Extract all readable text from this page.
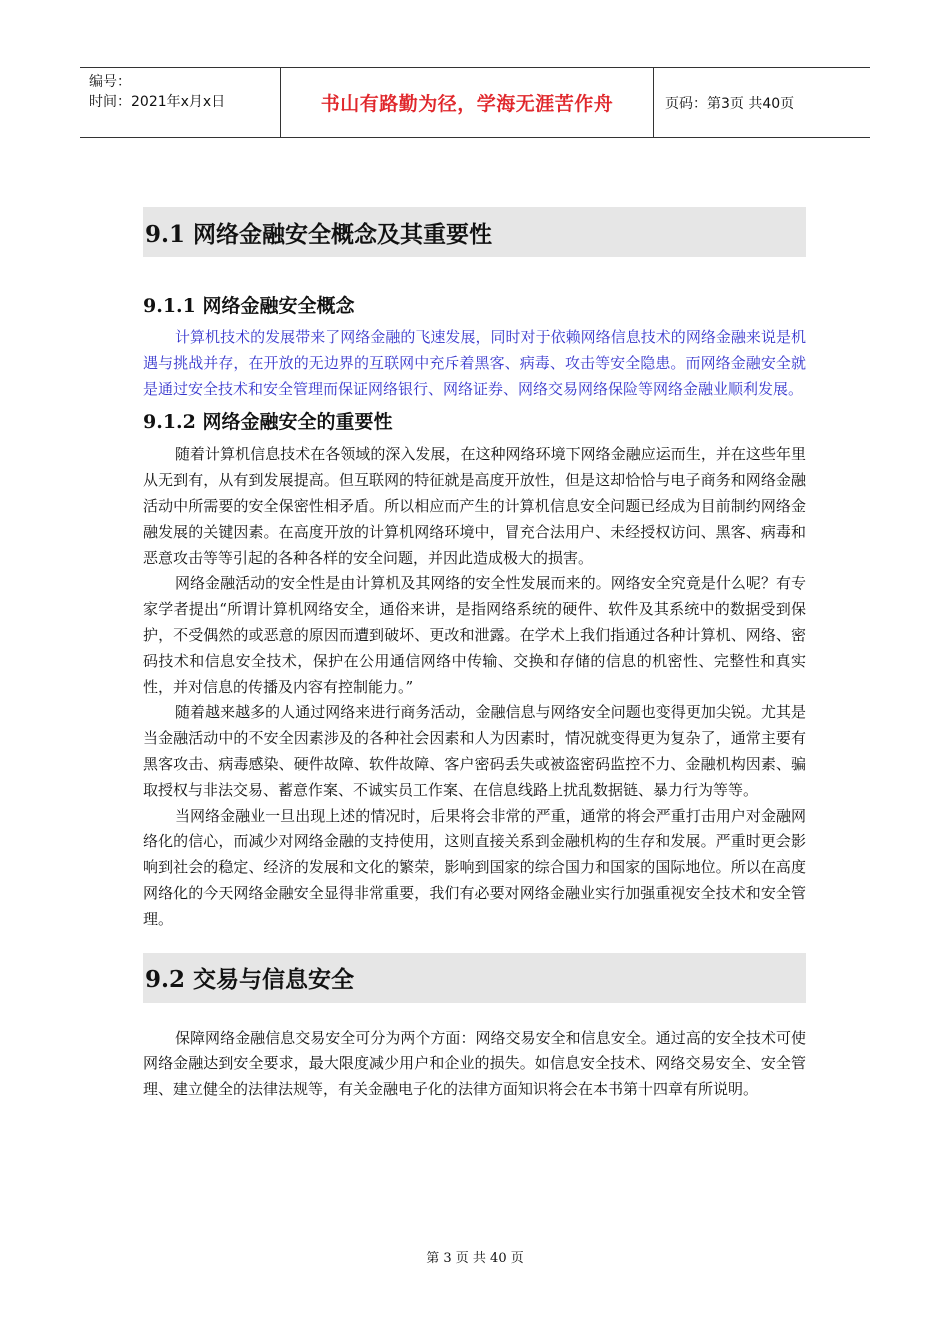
编号：
时间：2021年x月x日	书山有路勤为径，学海无涯苦作舟	页码：第3页 共40页
9.1 网络金融安全概念及其重要性
9.1.1 网络金融安全概念

计算机技术的发展带来了网络金融的飞速发展，同时对于依赖网络信息技术的网络金融来说是机遇与挑战并存，在开放的无边界的互联网中充斥着黑客、病毒、攻击等安全隐患。而网络金融安全就是通过安全技术和安全管理而保证网络银行、网络证券、网络交易网络保险等网络金融业顺利发展。

9.1.2 网络金融安全的重要性

随着计算机信息技术在各领域的深入发展，在这种网络环境下网络金融应运而生，并在这些年里从无到有，从有到发展提高。但互联网的特征就是高度开放性，但是这却恰恰与电子商务和网络金融活动中所需要的安全保密性相矛盾。所以相应而产生的计算机信息安全问题已经成为目前制约网络金融发展的关键因素。在高度开放的计算机网络环境中，冒充合法用户、未经授权访问、黑客、病毒和恶意攻击等等引起的各种各样的安全问题，并因此造成极大的损害。

网络金融活动的安全性是由计算机及其网络的安全性发展而来的。网络安全究竟是什么呢？有专家学者提出“所谓计算机网络安全，通俗来讲，是指网络系统的硬件、软件及其系统中的数据受到保护，不受偶然的或恶意的原因而遭到破坏、更改和泄露。在学术上我们指通过各种计算机、网络、密码技术和信息安全技术，保护在公用通信网络中传输、交换和存储的信息的机密性、完整性和真实性，并对信息的传播及内容有控制能力。”

随着越来越多的人通过网络来进行商务活动，金融信息与网络安全问题也变得更加尖锐。尤其是当金融活动中的不安全因素涉及的各种社会因素和人为因素时，情况就变得更为复杂了，通常主要有黑客攻击、病毒感染、硬件故障、软件故障、客户密码丢失或被盗密码监控不力、金融机构因素、骗取授权与非法交易、蓄意作案、不诚实员工作案、在信息线路上扰乱数据链、暴力行为等等。

当网络金融业一旦出现上述的情况时，后果将会非常的严重，通常的将会严重打击用户对金融网络化的信心，而减少对网络金融的支持使用，这则直接关系到金融机构的生存和发展。严重时更会影响到社会的稳定、经济的发展和文化的繁荣，影响到国家的综合国力和国家的国际地位。所以在高度网络化的今天网络金融安全显得非常重要，我们有必要对网络金融业实行加强重视安全技术和安全管理。

9.2 交易与信息安全

保障网络金融信息交易安全可分为两个方面：网络交易安全和信息安全。通过高的安全技术可使网络金融达到安全要求，最大限度减少用户和企业的损失。如信息安全技术、网络交易安全、安全管理、建立健全的法律法规等，有关金融电子化的法律方面知识将会在本书第十四章有所说明。

第 3 页 共 40 页
